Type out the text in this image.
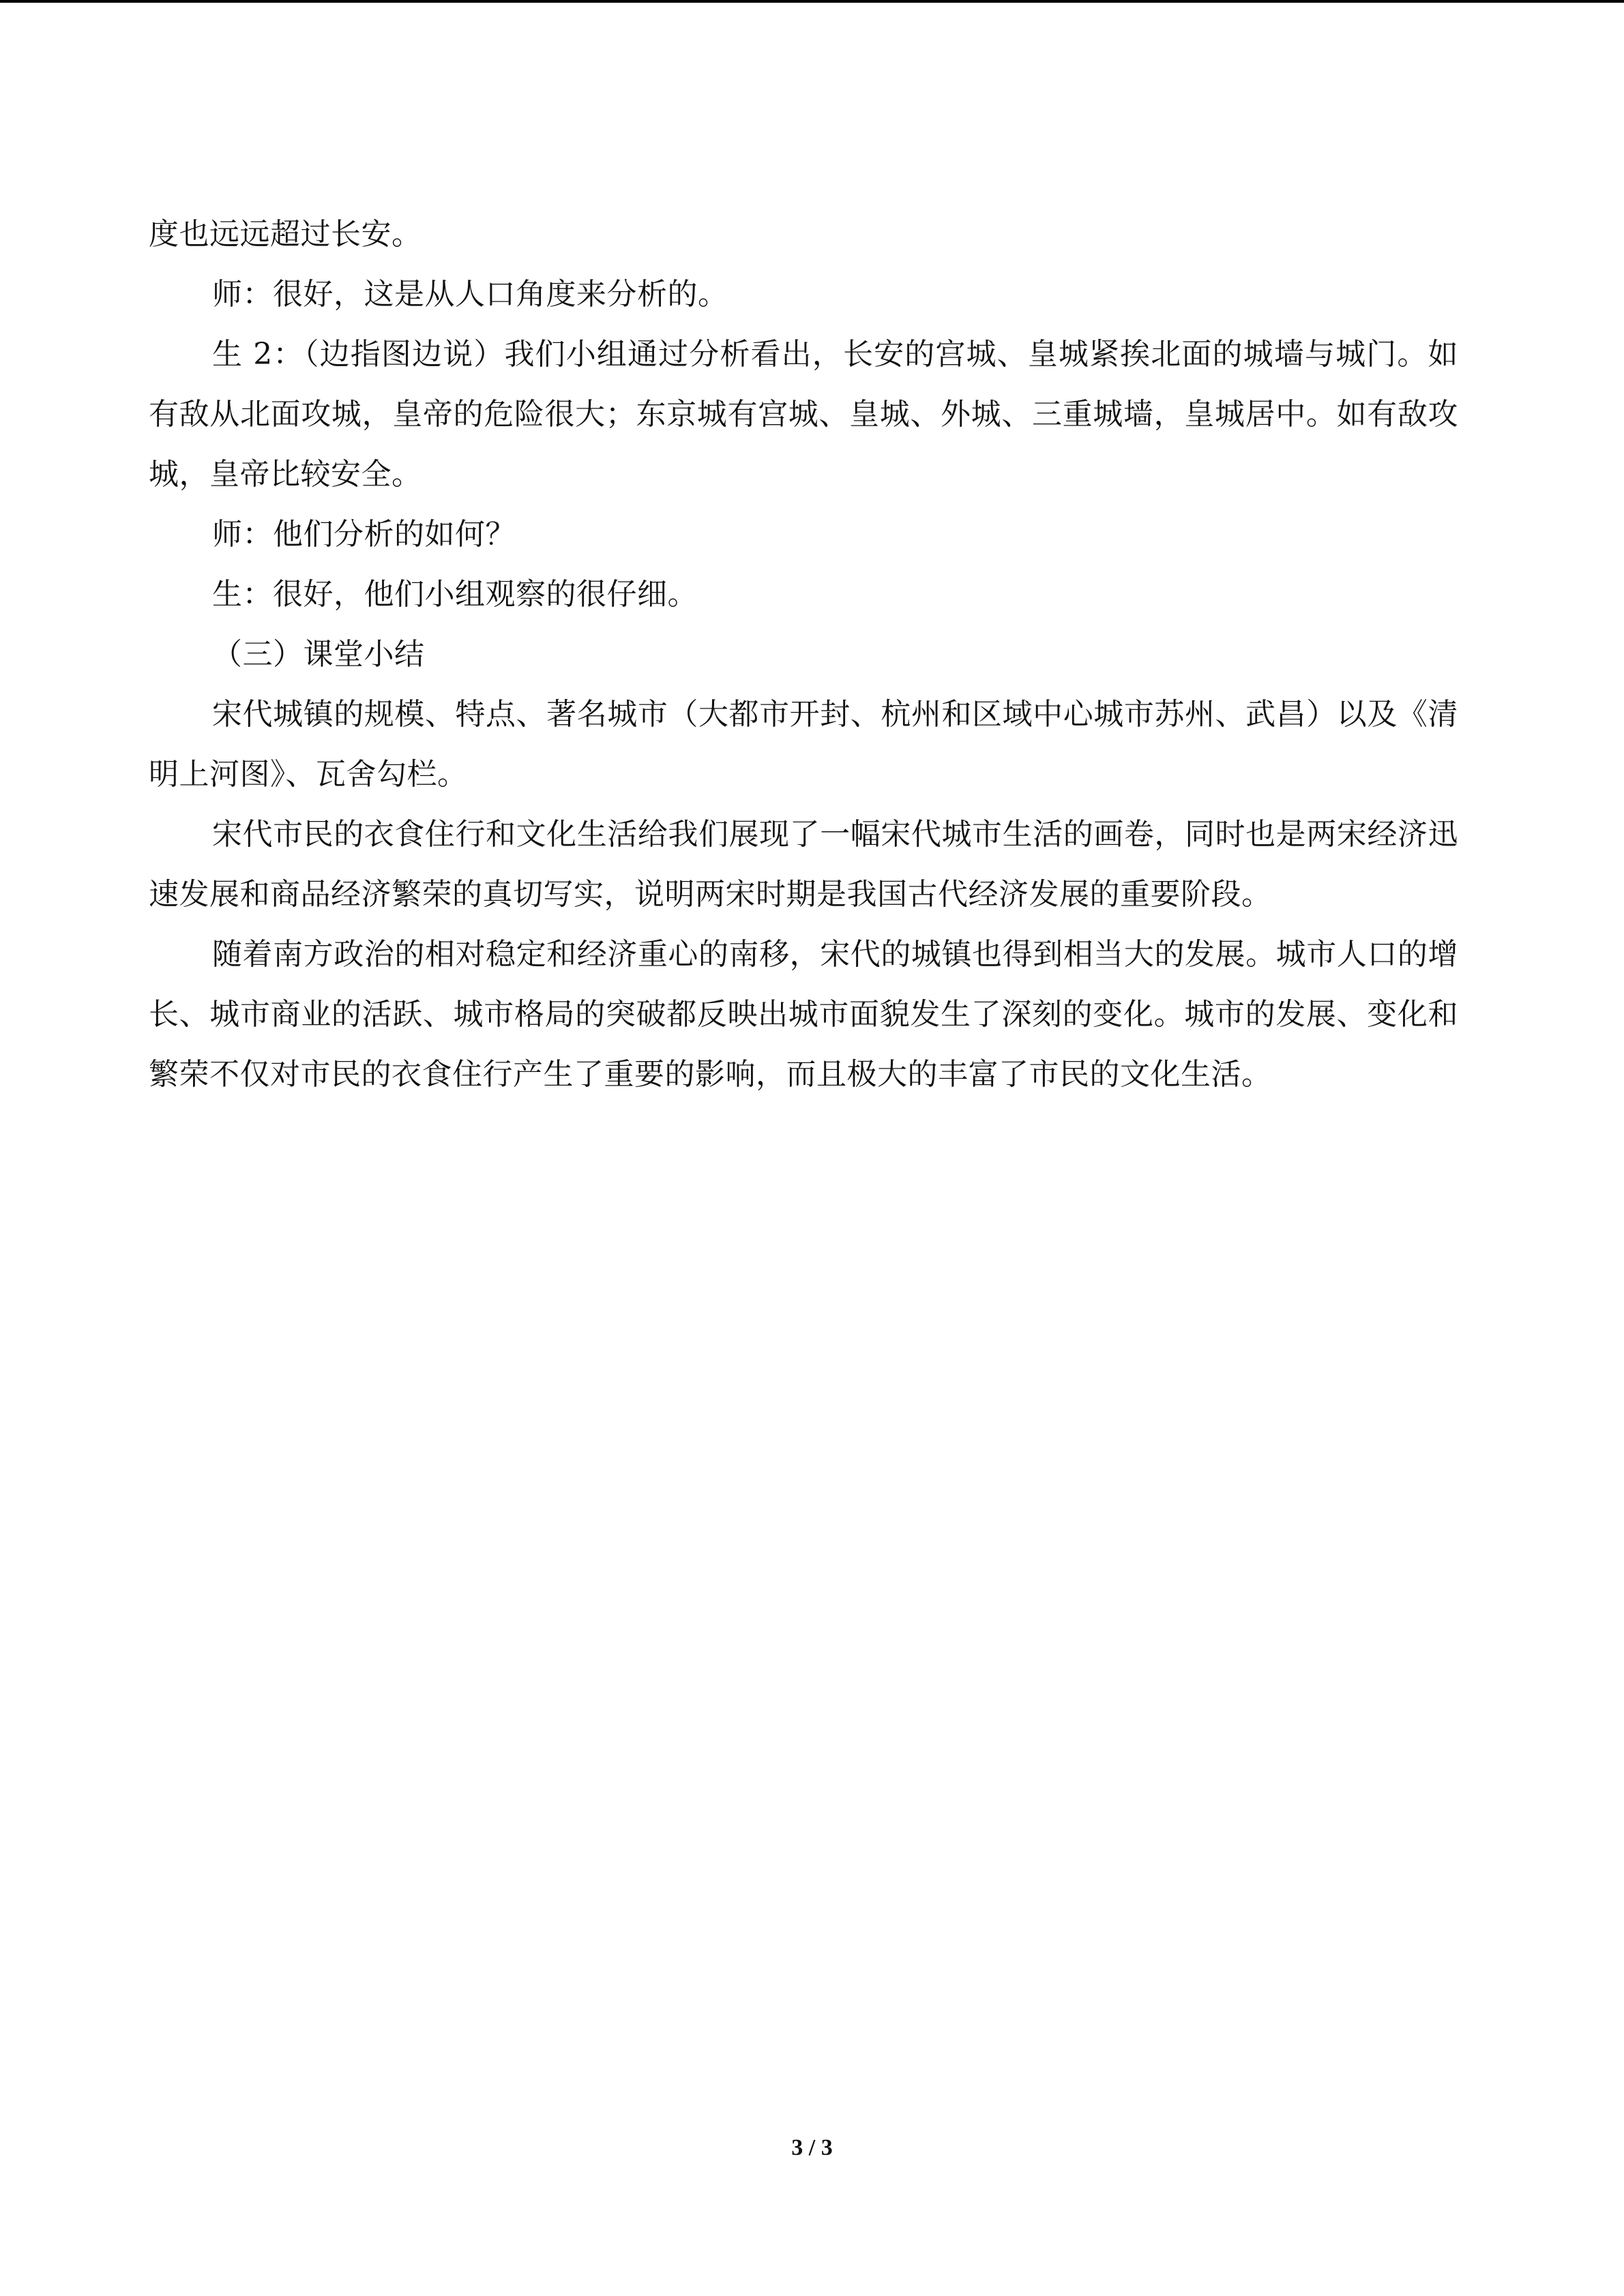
度也远远超过长安。

师：很好，这是从人口角度来分析的。

生 2：（边指图边说）我们小组通过分析看出，长安的宫城、皇城紧挨北面的城墙与城门。如有敌从北面攻城，皇帝的危险很大；东京城有宫城、皇城、外城、三重城墙，皇城居中。如有敌攻城，皇帝比较安全。

师：他们分析的如何？

生：很好，他们小组观察的很仔细。

（三）课堂小结

宋代城镇的规模、特点、著名城市（大都市开封、杭州和区域中心城市苏州、武昌）以及《清明上河图》、瓦舍勾栏。

宋代市民的衣食住行和文化生活给我们展现了一幅宋代城市生活的画卷，同时也是两宋经济迅速发展和商品经济繁荣的真切写实，说明两宋时期是我国古代经济发展的重要阶段。

随着南方政治的相对稳定和经济重心的南移，宋代的城镇也得到相当大的发展。城市人口的增长、城市商业的活跃、城市格局的突破都反映出城市面貌发生了深刻的变化。城市的发展、变化和繁荣不仅对市民的衣食住行产生了重要的影响，而且极大的丰富了市民的文化生活。

3 / 3
